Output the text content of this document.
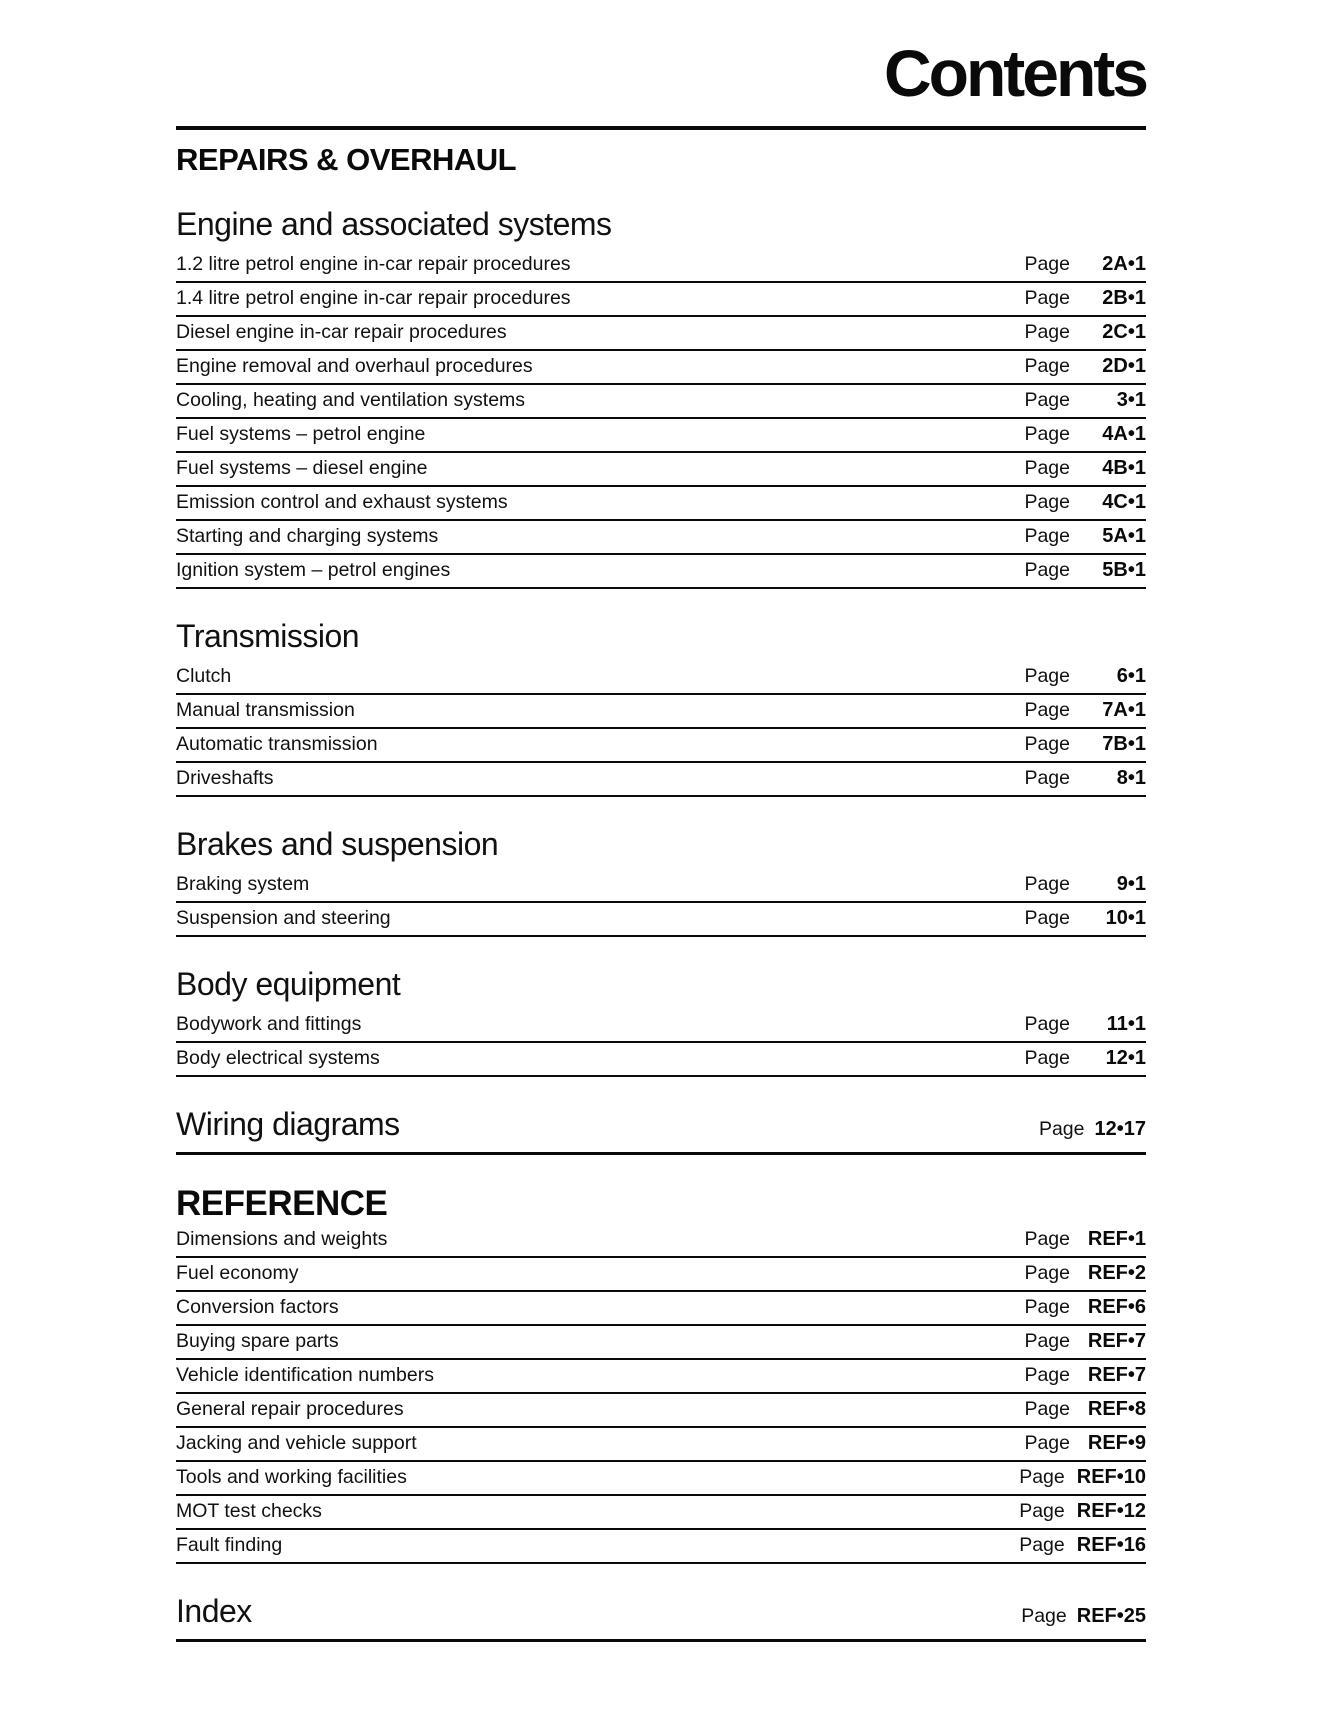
Contents
REPAIRS & OVERHAUL
Engine and associated systems
1.2 litre petrol engine in-car repair procedures	Page	2A•1
1.4 litre petrol engine in-car repair procedures	Page	2B•1
Diesel engine in-car repair procedures	Page	2C•1
Engine removal and overhaul procedures	Page	2D•1
Cooling, heating and ventilation systems	Page	3•1
Fuel systems – petrol engine	Page	4A•1
Fuel systems – diesel engine	Page	4B•1
Emission control and exhaust systems	Page	4C•1
Starting and charging systems	Page	5A•1
Ignition system – petrol engines	Page	5B•1
Transmission
Clutch	Page	6•1
Manual transmission	Page	7A•1
Automatic transmission	Page	7B•1
Driveshafts	Page	8•1
Brakes and suspension
Braking system	Page	9•1
Suspension and steering	Page	10•1
Body equipment
Bodywork and fittings	Page	11•1
Body electrical systems	Page	12•1
Wiring diagrams	Page 12•17
REFERENCE
Dimensions and weights	Page REF•1
Fuel economy	Page REF•2
Conversion factors	Page REF•6
Buying spare parts	Page REF•7
Vehicle identification numbers	Page REF•7
General repair procedures	Page REF•8
Jacking and vehicle support	Page REF•9
Tools and working facilities	Page REF•10
MOT test checks	Page REF•12
Fault finding	Page REF•16
Index	Page REF•25
